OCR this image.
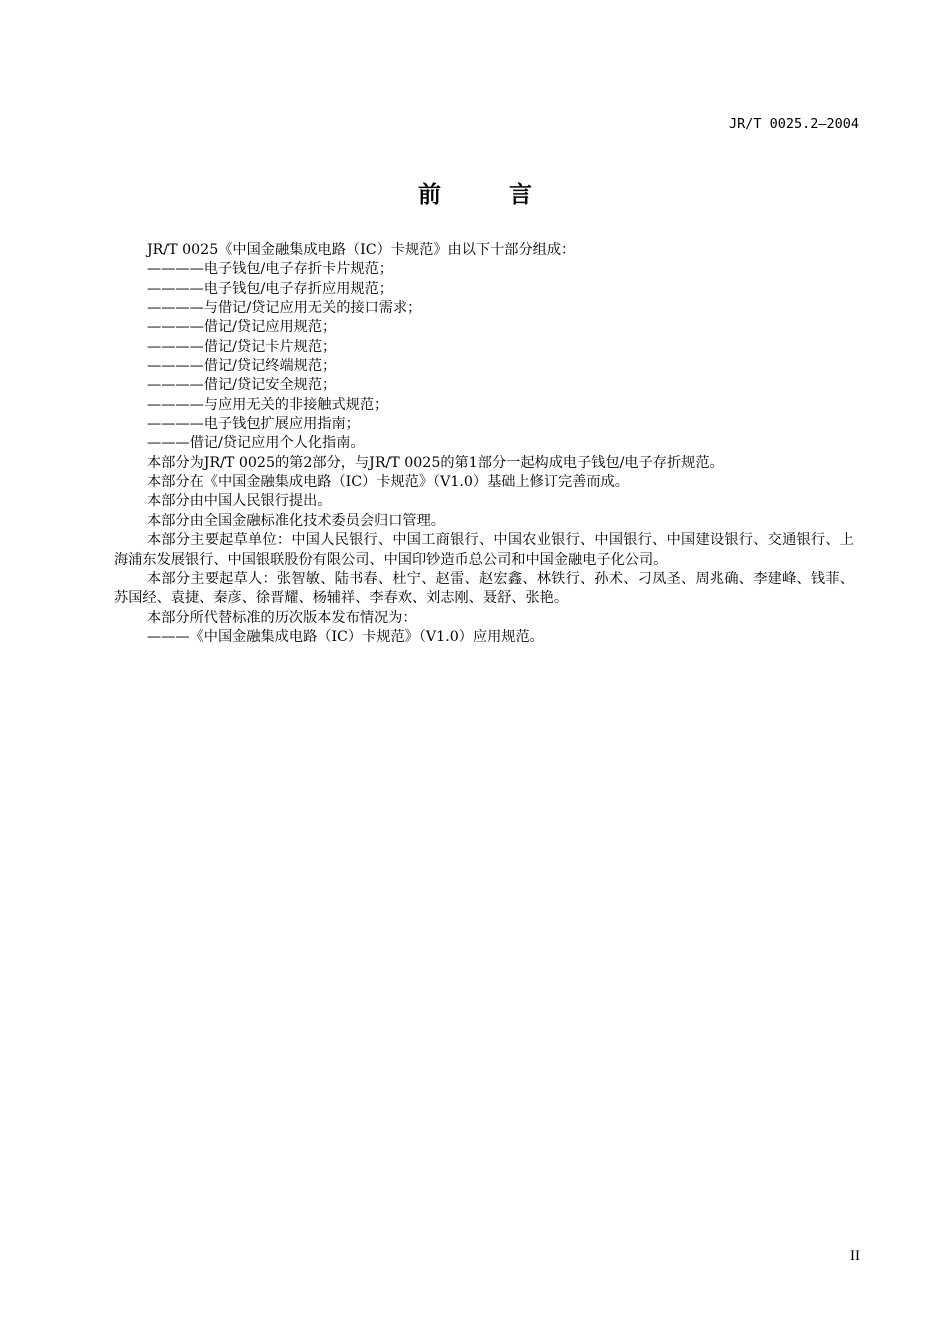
JR/T 0025.2—2004
前 言

JR/T 0025《中国金融集成电路（IC）卡规范》由以下十部分组成：

————电子钱包/电子存折卡片规范；

————电子钱包/电子存折应用规范；

————与借记/贷记应用无关的接口需求；

————借记/贷记应用规范；

————借记/贷记卡片规范；

————借记/贷记终端规范；

————借记/贷记安全规范；

————与应用无关的非接触式规范；

————电子钱包扩展应用指南；

———借记/贷记应用个人化指南。

本部分为JR/T 0025的第2部分，与JR/T 0025的第1部分一起构成电子钱包/电子存折规范。

本部分在《中国金融集成电路（IC）卡规范》（V1.0）基础上修订完善而成。

本部分由中国人民银行提出。

本部分由全国金融标准化技术委员会归口管理。

本部分主要起草单位：中国人民银行、中国工商银行、中国农业银行、中国银行、中国建设银行、交通银行、上海浦东发展银行、中国银联股份有限公司、中国印钞造币总公司和中国金融电子化公司。

本部分主要起草人：张智敏、陆书春、杜宁、赵雷、赵宏鑫、林铁行、孙术、刁凤圣、周兆确、李建峰、钱菲、苏国经、袁捷、秦彦、徐晋耀、杨辅祥、李春欢、刘志刚、聂舒、张艳。

本部分所代替标准的历次版本发布情况为：

———《中国金融集成电路（IC）卡规范》（V1.0）应用规范。

II
